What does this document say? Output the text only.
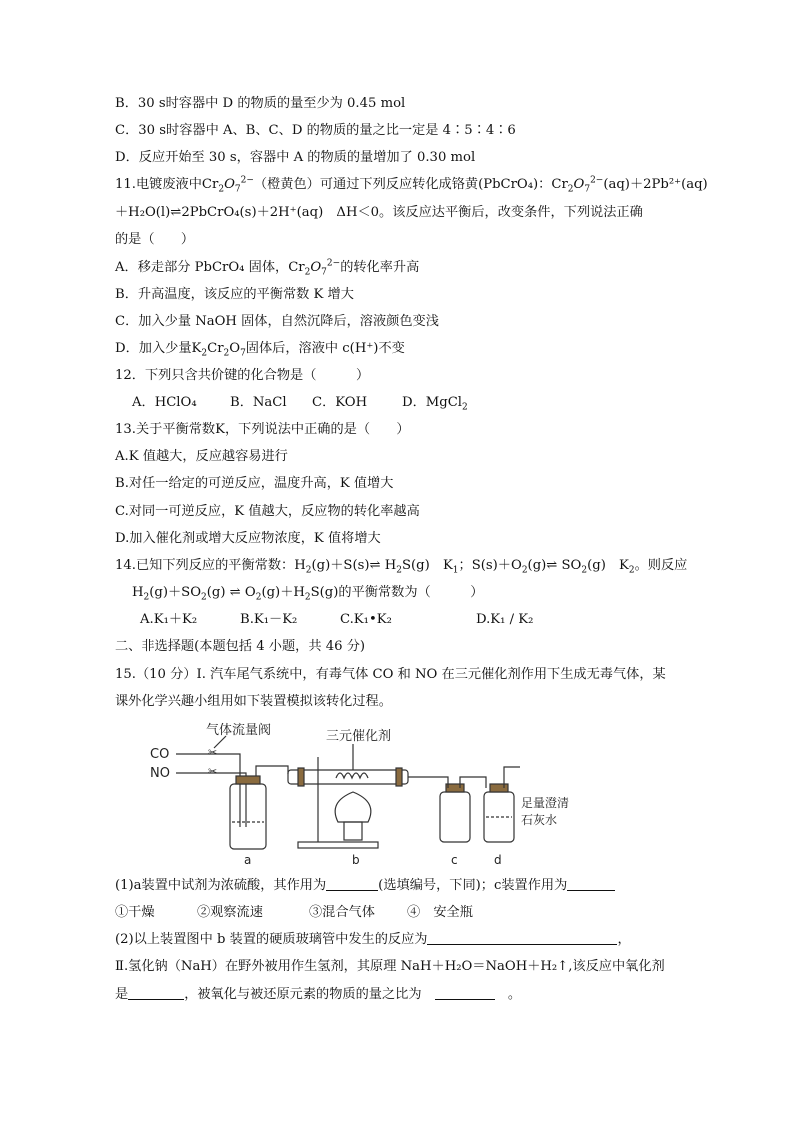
B．30 s时容器中 D 的物质的量至少为 0.45 mol
C．30 s时容器中 A、B、C、D 的物质的量之比一定是 4∶5∶4∶6
D．反应开始至 30 s，容器中 A 的物质的量增加了 0.30 mol
11.电镀废液中$Cr_2O_7^{2-}$（橙黄色）可通过下列反应转化成铬黄(PbCrO₄)：$Cr_2O_7^{2-}(aq)+2Pb^{2+}(aq)$
＋H₂O(l)⇌2PbCrO₄(s)＋2H⁺(aq)　ΔH＜0。该反应达平衡后，改变条件，下列说法正确
的是（　　）
A．移走部分 PbCrO₄ 固体，$Cr_2O_7^{2-}$的转化率升高
B．升高温度，该反应的平衡常数 K 增大
C．加入少量 NaOH 固体，自然沉降后，溶液颜色变浅
D．加入少量$K_2Cr_2O_7$固体后，溶液中 c(H⁺)不变
12．下列只含共价键的化合物是（　　　）
A．HClO₄	B．NaCl C．KOH	D．MgCl$_2$
13.关于平衡常数K，下列说法中正确的是（　　）
A.K 值越大，反应越容易进行
B.对任一给定的可逆反应，温度升高，K 值增大
C.对同一可逆反应，K 值越大，反应物的转化率越高
D.加入催化剂或增大反应物浓度，K 值将增大
14.已知下列反应的平衡常数：$H_2(g)+S(s)\rightleftharpoons$ $H_2S(g)$　$K_1$；$S(s)+O_2(g)\rightleftharpoons$ $SO_2(g)$　$K_2$。则反应
$H_2(g)+SO_2(g)$ ⇌ $O_2(g)+H_2S(g)$的平衡常数为（　　　）
A.K₁＋K₂	B.K₁－K₂	C.K₁•K₂	D.K₁ / K₂
二、非选择题(本题包括 4 小题，共 46 分)
15.（10 分）Ⅰ. 汽车尾气系统中，有毒气体 CO 和 NO 在三元催化剂作用下生成无毒气体，某
课外化学兴趣小组用如下装置模拟该转化过程。
CO
NO
✂
✂
气体流量阀	三元催化剂
b
a	c	d
足量澄清
石灰水
(1)a装置中试剂为浓硫酸，其作用为	(选填编号，下同)；c装置作用为
①干燥	②观察流速	③混合气体 ④　安全瓶
(2)以上装置图中 b 装置的硬质玻璃管中发生的反应为	，
Ⅱ.氢化钠（NaH）在野外被用作生氢剂，其原理 NaH＋H₂O＝NaOH＋H₂↑,该反应中氧化剂
是	，被氧化与被还原元素的物质的量之比为　	　。
